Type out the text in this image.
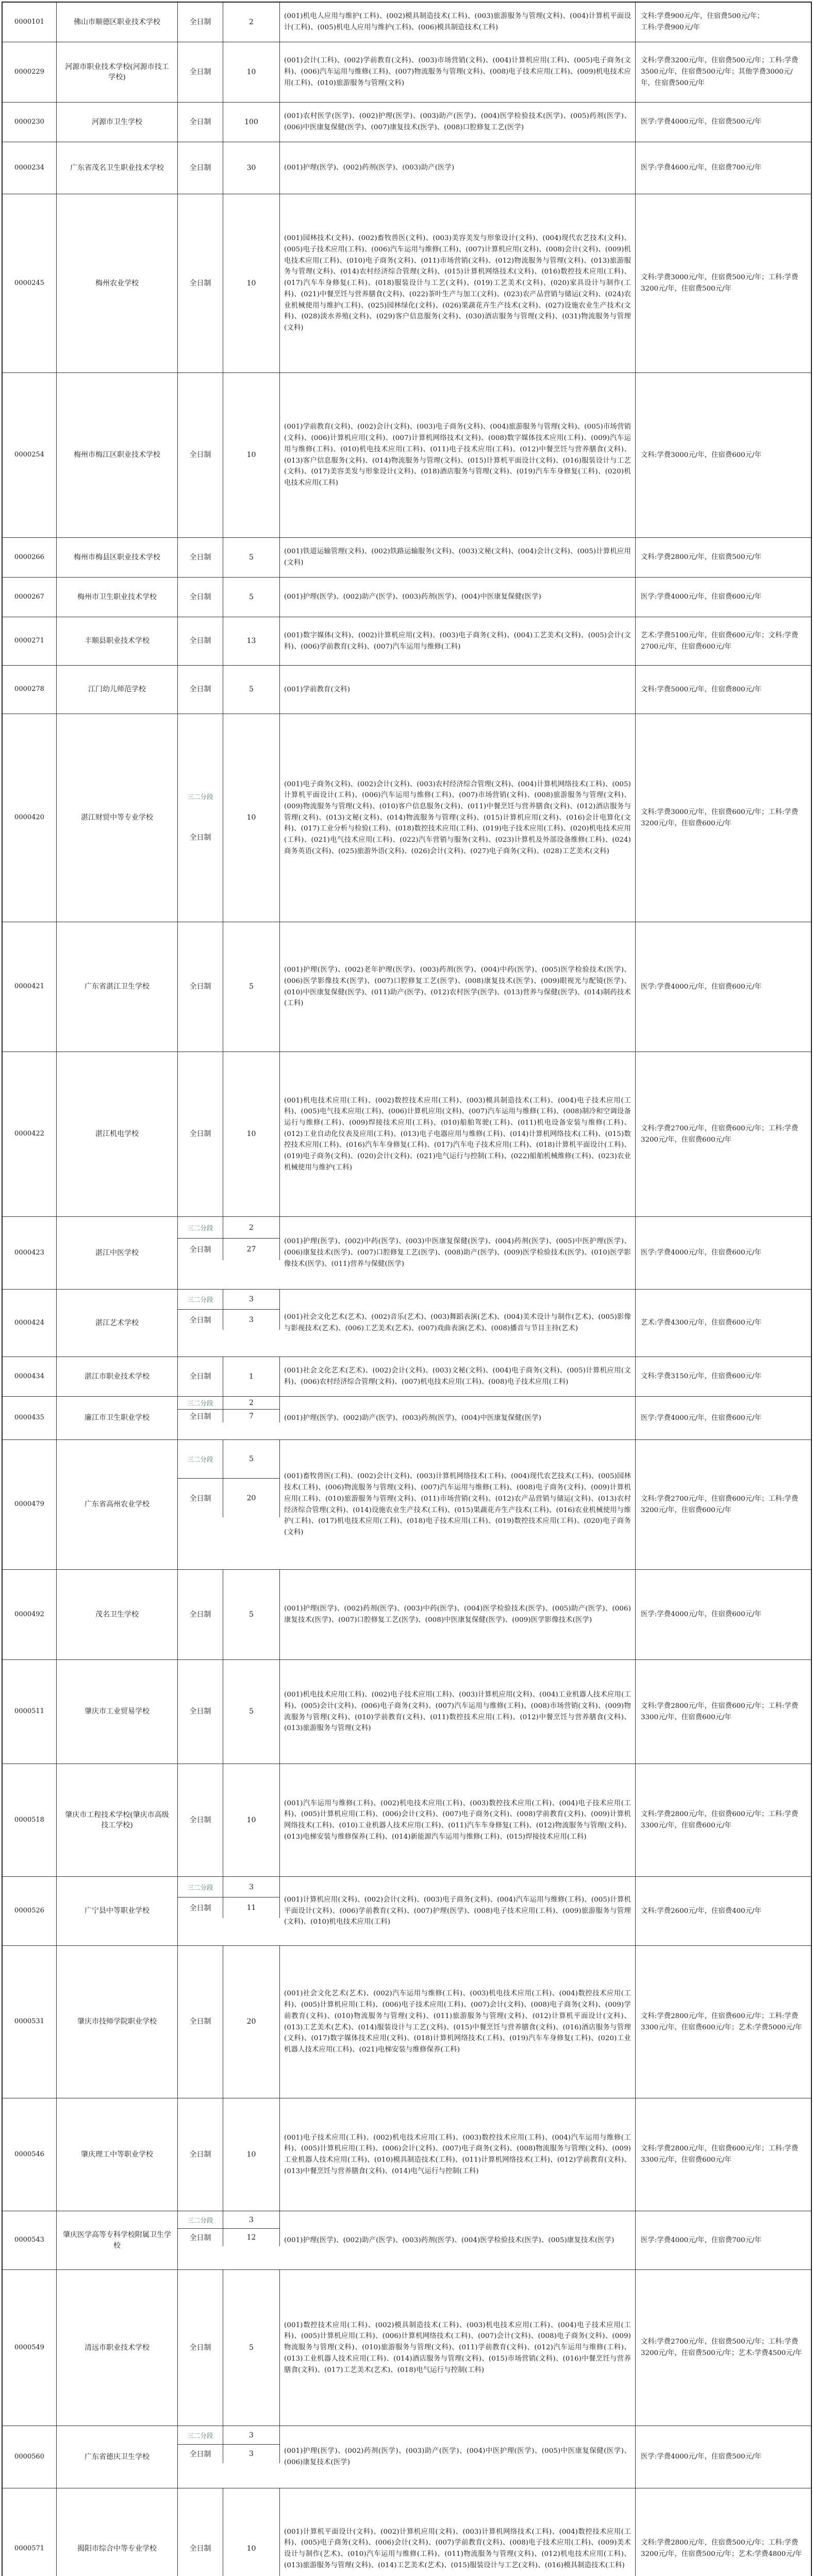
0000101	佛山市顺德区职业技术学校	全日制	2
(001)机电人应用与维护(工科)、(002)模具制造技术(工科)、(003)旅游服务与管理(文科)、(004)计算机平面设计(工科)、(005)机电人应用与维护(工科)、(006)模具制造技术(工科)
文科:学费900元/年，住宿费500元/年；　　　　　　工科:学费900元/年
0000229
河源市职业技术学校(河源市技工学校)
全日制	10
(001)会计(工科)、(002)学前教育(文科)、(003)市场营销(文科)、(004)计算机应用(工科)、(005)电子商务(文科)、(006)汽车运用与维修(工科)、(007)物流服务与管理(文科)、(008)电子技术应用(工科)、(009)机电技术应用(工科)、(010)旅游服务与管理(文科)
文科:学费3200元/年，住宿费500元/年；工科:学费3500元/年，住宿费500元/年；其他学费3000元/年，住宿费500元/年
0000230	河源市卫生学校	全日制	100
(001)农村医学(医学)、(002)护理(医学)、(003)助产(医学)、(004)医学检验技术(医学)、(005)药剂(医学)、(006)中医康复保健(医学)、(007)康复技术(医学)、(008)口腔修复工艺(医学)
医学:学费4000元/年，住宿费500元/年
0000234	广东省茂名卫生职业技术学校	全日制	30	(001)护理(医学)、(002)药剂(医学)、(003)助产(医学)	医学:学费4600元/年，住宿费700元/年
0000245	梅州农业学校	全日制	10
(001)园林技术(文科)、(002)畜牧兽医(文科)、(003)美容美发与形象设计(文科)、(004)现代农艺技术(文科)、(005)电子技术应用(工科)、(006)汽车运用与维修(工科)、(007)计算机应用(文科)、(008)会计(文科)、(009)机电技术应用(工科)、(010)电子商务(文科)、(011)市场营销(文科)、(012)物流服务与管理(文科)、(013)旅游服务与管理(文科)、(014)农村经济综合管理(文科)、(015)计算机网络技术(文科)、(016)数控技术应用(工科)、(017)汽车车身修复(工科)、(018)服装设计与工艺(文科)、(019)工艺美术(文科)、(020)家具设计与制作(工科)、(021)中餐烹饪与营养膳食(文科)、(022)茶叶生产与加工(文科)、(023)农产品营销与储运(文科)、(024)农业机械使用与维护(工科)、(025)园林绿化(文科)、(026)果蔬花卉生产技术(文科)、(027)设施农业生产技术(文科)、(028)淡水养殖(文科)、(029)客户信息服务(文科)、(030)酒店服务与管理(文科)、(031)物流服务与管理(文科)
文科:学费3000元/年，住宿费500元/年；工科:学费3200元/年，住宿费500元/年
0000254	梅州市梅江区职业技术学校	全日制	10
(001)学前教育(文科)、(002)会计(文科)、(003)电子商务(文科)、(004)旅游服务与管理(文科)、(005)市场营销(文科)、(006)计算机应用(文科)、(007)计算机网络技术(文科)、(008)数字媒体技术应用(工科)、(009)汽车运用与维修(工科)、(010)机电技术应用(工科)、(011)电子技术应用(工科)、(012)中餐烹饪与营养膳食(文科)、(013)客户信息服务(文科)、(014)物流服务与管理(文科)、(015)计算机平面设计(文科)、(016)服装设计与工艺(文科)、(017)美容美发与形象设计(文科)、(018)酒店服务与管理(文科)、(019)汽车车身修复(工科)、(020)机电技术应用(工科)
文科:学费3000元/年，住宿费600元/年
0000266	梅州市梅县区职业技术学校	全日制	5
(001)铁道运输管理(文科)、(002)铁路运输服务(文科)、(003)文秘(文科)、(004)会计(文科)、(005)计算机应用(文科)
文科:学费2800元/年，住宿费500元/年
0000267	梅州市卫生职业技术学校	全日制	5	(001)护理(医学)、(002)助产(医学)、(003)药剂(医学)、(004)中医康复保健(医学)	医学:学费4000元/年，住宿费600元/年
0000271	丰顺县职业技术学校	全日制	13
(001)数字媒体(文科)、(002)计算机应用(文科)、(003)电子商务(文科)、(004)工艺美术(文科)、(005)会计(文科)、(006)学前教育(文科)、(007)汽车运用与维修(工科)
艺术:学费5100元/年，住宿费600元/年；文科:学费2700元/年，住宿费600元/年
0000278	江门幼儿师范学校	全日制	5	(001)学前教育(文科)	文科:学费5000元/年，住宿费800元/年
0000420	湛江财贸中等专业学校
三二分段
全日制
10
(001)电子商务(文科)、(002)会计(文科)、(003)农村经济综合管理(文科)、(004)计算机网络技术(工科)、(005)计算机平面设计(工科)、(006)汽车运用与维修(工科)、(007)市场营销(文科)、(008)旅游服务与管理(文科)、(009)物流服务与管理(文科)、(010)客户信息服务(文科)、(011)中餐烹饪与营养膳食(文科)、(012)酒店服务与管理(文科)、(013)文秘(文科)、(014)物流服务与管理(文科)、(015)计算机应用(文科)、(016)会计电算化(文科)、(017)工业分析与检验(工科)、(018)数控技术应用(工科)、(019)电子技术应用(工科)、(020)机电技术应用(工科)、(021)电气技术应用(工科)、(022)汽车营销与服务(文科)、(023)计算机及外部设备维修(工科)、(024)商务英语(文科)、(025)旅游外语(文科)、(026)会计(文科)、(027)电子商务(文科)、(028)工艺美术(文科)
文科:学费3000元/年，住宿费600元/年；工科:学费3200元/年，住宿费600元/年
0000421	广东省湛江卫生学校	全日制	5
(001)护理(医学)、(002)老年护理(医学)、(003)药剂(医学)、(004)中药(医学)、(005)医学检验技术(医学)、(006)医学影像技术(医学)、(007)口腔修复工艺(医学)、(008)康复技术(医学)、(009)眼视光与配镜(医学)、(010)中医康复保健(医学)、(011)助产(医学)、(012)农村医学(医学)、(013)营养与保健(医学)、(014)制药技术(工科)
医学:学费4000元/年，住宿费600元/年
0000422	湛江机电学校	全日制	10
(001)机电技术应用(工科)、(002)数控技术应用(工科)、(003)模具制造技术(工科)、(004)电子技术应用(工科)、(005)电气技术应用(工科)、(006)计算机应用(文科)、(007)汽车运用与维修(工科)、(008)制冷和空调设备运行与维修(工科)、(009)焊接技术应用(工科)、(010)船舶驾驶(工科)、(011)机电设备安装与维修(工科)、(012)工业自动化仪表及应用(工科)、(013)电子电器应用与维修(工科)、(014)计算机网络技术(工科)、(015)数控技术应用(工科)、(016)汽车车身修复(工科)、(017)汽车电子技术应用(工科)、(018)计算机平面设计(工科)、(019)电子商务(文科)、(020)会计(文科)、(021)电气运行与控制(工科)、(022)船舶机械维修(工科)、(023)农业机械使用与维护(工科)
文科:学费2700元/年，住宿费600元/年；工科:学费3200元/年，住宿费600元/年
0000423	湛江中医学校
三二分段	2
全日制	27
(001)护理(医学)、(002)中药(医学)、(003)中医康复保健(医学)、(004)药剂(医学)、(005)中医护理(医学)、(006)康复技术(医学)、(007)口腔修复工艺(医学)、(008)助产(医学)、(009)医学检验技术(医学)、(010)医学影像技术(医学)、(011)营养与保健(医学)
医学:学费4000元/年，住宿费600元/年
0000424	湛江艺术学校
三二分段	3
全日制	3	(001)社会文化艺术(艺术)、(002)音乐(艺术)、(003)舞蹈表演(艺术)、(004)美术设计与制作(艺术)、(005)影像与影视技术(艺术)、(006)工艺美术(艺术)、(007)戏曲表演(艺术)、(008)播音与节目主持(艺术)
艺术:学费4300元/年，住宿费600元/年
0000434	湛江市职业技术学校	全日制	1
(001)社会文化艺术(艺术)、(002)会计(文科)、(003)文秘(文科)、(004)电子商务(文科)、(005)计算机应用(文科)、(006)农村经济综合管理(文科)、(007)机电技术应用(工科)、(008)电子技术应用(工科)
文科:学费3150元/年，住宿费600元/年
0000435	廉江市卫生职业学校
三二分段	2
全日制	7	(001)护理(医学)、(002)助产(医学)、(003)药剂(医学)、(004)中医康复保健(医学)	医学:学费4000元/年，住宿费600元/年
0000479	广东省高州农业学校
三二分段	5
全日制	20
(001)畜牧兽医(工科)、(002)会计(文科)、(003)计算机网络技术(工科)、(004)现代农艺技术(工科)、(005)园林技术(工科)、(006)物流服务与管理(文科)、(007)汽车运用与维修(工科)、(008)电子商务(文科)、(009)计算机应用(工科)、(010)旅游服务与管理(文科)、(011)市场营销(文科)、(012)农产品营销与储运(文科)、(013)农村经济综合管理(文科)、(014)设施农业生产技术(工科)、(015)果蔬花卉生产技术(工科)、(016)农业机械使用与维护(工科)、(017)机电技术应用(工科)、(018)电子技术应用(工科)、(019)数控技术应用(工科)、(020)电子商务(文科)
文科:学费2700元/年，住宿费600元/年；工科:学费3200元/年，住宿费600元/年
0000492	茂名卫生学校	全日制	5
(001)护理(医学)、(002)药剂(医学)、(003)中药(医学)、(004)医学检验技术(医学)、(005)助产(医学)、(006)康复技术(医学)、(007)口腔修复工艺(医学)、(008)中医康复保健(医学)、(009)医学影像技术(医学)
医学:学费4000元/年，住宿费600元/年
0000511	肇庆市工业贸易学校	全日制	5
(001)机电技术应用(工科)、(002)电子技术应用(工科)、(003)计算机应用(文科)、(004)工业机器人技术应用(工科)、(005)会计(文科)、(006)电子商务(文科)、(007)汽车运用与维修(工科)、(008)市场营销(文科)、(009)物流服务与管理(文科)、(010)学前教育(文科)、(011)数控技术应用(工科)、(012)中餐烹饪与营养膳食(文科)、(013)旅游服务与管理(文科)
文科:学费2800元/年，住宿费600元/年；工科:学费3300元/年，住宿费600元/年
0000518
肇庆市工程技术学校(肇庆市高级技工学校)
全日制	10
(001)汽车运用与维修(工科)、(002)机电技术应用(工科)、(003)数控技术应用(工科)、(004)电子技术应用(工科)、(005)计算机应用(工科)、(006)会计(文科)、(007)电子商务(文科)、(008)学前教育(文科)、(009)计算机网络技术(工科)、(010)工业机器人技术应用(工科)、(011)汽车车身修复(工科)、(012)物流服务与管理(文科)、(013)电梯安装与维修保养(工科)、(014)新能源汽车运用与维修(工科)、(015)焊接技术应用(工科)
文科:学费2800元/年，住宿费600元/年；工科:学费3300元/年，住宿费600元/年
0000526	广宁县中等职业学校
三二分段	3
全日制	11
(001)计算机应用(文科)、(002)会计(文科)、(003)电子商务(文科)、(004)汽车运用与维修(工科)、(005)计算机平面设计(文科)、(006)学前教育(文科)、(007)护理(医学)、(008)电子技术应用(工科)、(009)旅游服务与管理(文科)、(010)机电技术应用(工科)
文科:学费2600元/年，住宿费400元/年
0000531	肇庆市技师学院职业学校	全日制	20
(001)社会文化艺术(艺术)、(002)汽车运用与维修(工科)、(003)机电技术应用(工科)、(004)数控技术应用(工科)、(005)计算机应用(工科)、(006)电子技术应用(工科)、(007)会计(文科)、(008)电子商务(文科)、(009)学前教育(文科)、(010)物流服务与管理(文科)、(011)旅游服务与管理(文科)、(012)计算机平面设计(文科)、(013)工艺美术(艺术)、(014)服装设计与工艺(文科)、(015)中餐烹饪与营养膳食(文科)、(016)酒店服务与管理(文科)、(017)数字媒体技术应用(文科)、(018)计算机网络技术(工科)、(019)汽车车身修复(工科)、(020)工业机器人技术应用(工科)、(021)电梯安装与维修保养(工科)
文科:学费2800元/年，住宿费600元/年；工科:学费3300元/年，住宿费600元/年；艺术:学费5000元/年
0000546	肇庆理工中等职业学校	全日制	10
(001)电子技术应用(工科)、(002)机电技术应用(工科)、(003)数控技术应用(工科)、(004)汽车运用与维修(工科)、(005)计算机应用(工科)、(006)会计(文科)、(007)电子商务(文科)、(008)物流服务与管理(文科)、(009)工业机器人技术应用(工科)、(010)模具制造技术(工科)、(011)计算机网络技术(工科)、(012)学前教育(文科)、(013)中餐烹饪与营养膳食(文科)、(014)电气运行与控制(工科)
文科:学费2800元/年，住宿费600元/年；工科:学费3300元/年，住宿费600元/年
0000543
肇庆医学高等专科学校附属卫生学校
三二分段	3
全日制	12	(001)护理(医学)、(002)助产(医学)、(003)药剂(医学)、(004)医学检验技术(医学)、(005)康复技术(医学)	医学:学费4000元/年，住宿费700元/年
0000549	清远市职业技术学校	全日制	5
(001)数控技术应用(工科)、(002)模具制造技术(工科)、(003)机电技术应用(工科)、(004)电子技术应用(工科)、(005)计算机应用(工科)、(006)计算机网络技术(工科)、(007)会计(文科)、(008)电子商务(文科)、(009)物流服务与管理(文科)、(010)旅游服务与管理(文科)、(011)学前教育(文科)、(012)汽车运用与维修(工科)、(013)工业机器人技术应用(工科)、(014)酒店服务与管理(文科)、(015)市场营销(文科)、(016)中餐烹饪与营养膳食(文科)、(017)工艺美术(艺术)、(018)电气运行与控制(工科)
文科:学费2700元/年，住宿费500元/年；工科:学费3200元/年，住宿费500元/年；艺术:学费4500元/年
0000560	广东省德庆卫生学校
三二分段	3
全日制	3	(001)护理(医学)、(002)药剂(医学)、(003)助产(医学)、(004)中医护理(医学)、(005)中医康复保健(医学)、(006)康复技术(医学)
医学:学费4000元/年，住宿费500元/年
0000571	揭阳市综合中等专业学校	全日制	10
(001)计算机平面设计(文科)、(002)计算机应用(文科)、(003)计算机网络技术(工科)、(004)数控技术应用(工科)、(005)电子商务(文科)、(006)会计(文科)、(007)学前教育(文科)、(008)电子技术应用(工科)、(009)美术设计与制作(艺术)、(010)汽车运用与维修(工科)、(011)物流服务与管理(文科)、(012)机电技术应用(工科)、(013)旅游服务与管理(文科)、(014)工艺美术(艺术)、(015)服装设计与工艺(文科)、(016)模具制造技术(工科)
文科:学费2800元/年，住宿费500元/年；工科:学费3200元/年，住宿费500元/年；艺术:学费4800元/年
